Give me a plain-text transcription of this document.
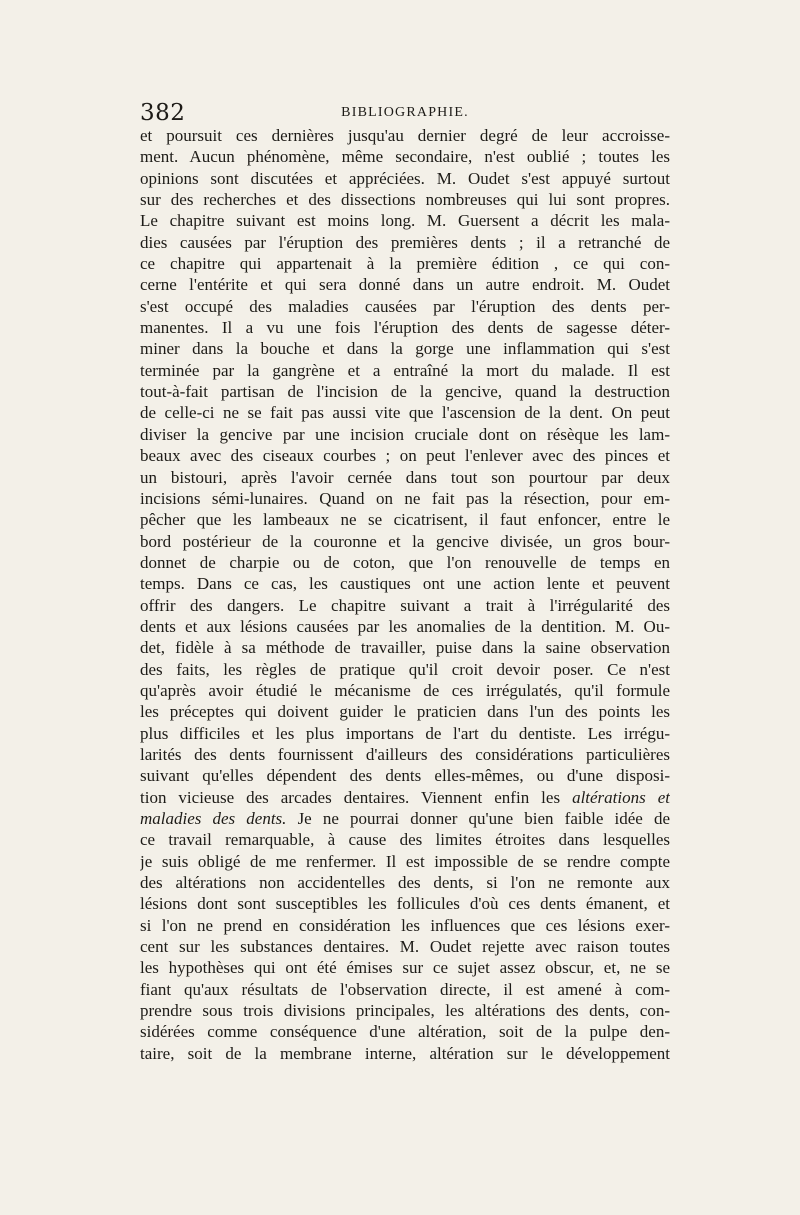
382	BIBLIOGRAPHIE.
et poursuit ces dernières jusqu'au dernier degré de leur accroisse-
ment. Aucun phénomène, même secondaire, n'est oublié ; toutes les
opinions sont discutées et appréciées. M. Oudet s'est appuyé surtout
sur des recherches et des dissections nombreuses qui lui sont propres.
Le chapitre suivant est moins long. M. Guersent a décrit les mala-
dies causées par l'éruption des premières dents ; il a retranché de
ce chapitre qui appartenait à la première édition , ce qui con-
cerne l'entérite et qui sera donné dans un autre endroit. M. Oudet
s'est occupé des maladies causées par l'éruption des dents per-
manentes. Il a vu une fois l'éruption des dents de sagesse déter-
miner dans la bouche et dans la gorge une inflammation qui s'est
terminée par la gangrène et a entraîné la mort du malade. Il est
tout-à-fait partisan de l'incision de la gencive, quand la destruction
de celle-ci ne se fait pas aussi vite que l'ascension de la dent. On peut
diviser la gencive par une incision cruciale dont on résèque les lam-
beaux avec des ciseaux courbes ; on peut l'enlever avec des pinces et
un bistouri, après l'avoir cernée dans tout son pourtour par deux
incisions sémi-lunaires. Quand on ne fait pas la résection, pour em-
pêcher que les lambeaux ne se cicatrisent, il faut enfoncer, entre le
bord postérieur de la couronne et la gencive divisée, un gros bour-
donnet de charpie ou de coton, que l'on renouvelle de temps en
temps. Dans ce cas, les caustiques ont une action lente et peuvent
offrir des dangers. Le chapitre suivant a trait à l'irrégularité des
dents et aux lésions causées par les anomalies de la dentition. M. Ou-
det, fidèle à sa méthode de travailler, puise dans la saine observation
des faits, les règles de pratique qu'il croit devoir poser. Ce n'est
qu'après avoir étudié le mécanisme de ces irrégulatés, qu'il formule
les préceptes qui doivent guider le praticien dans l'un des points les
plus difficiles et les plus importans de l'art du dentiste. Les irrégu-
larités des dents fournissent d'ailleurs des considérations particulières
suivant qu'elles dépendent des dents elles-mêmes, ou d'une disposi-
tion vicieuse des arcades dentaires. Viennent enfin les altérations et
maladies des dents. Je ne pourrai donner qu'une bien faible idée de
ce travail remarquable, à cause des limites étroites dans lesquelles
je suis obligé de me renfermer. Il est impossible de se rendre compte
des altérations non accidentelles des dents, si l'on ne remonte aux
lésions dont sont susceptibles les follicules d'où ces dents émanent, et
si l'on ne prend en considération les influences que ces lésions exer-
cent sur les substances dentaires. M. Oudet rejette avec raison toutes
les hypothèses qui ont été émises sur ce sujet assez obscur, et, ne se
fiant qu'aux résultats de l'observation directe, il est amené à com-
prendre sous trois divisions principales, les altérations des dents, con-
sidérées comme conséquence d'une altération, soit de la pulpe den-
taire, soit de la membrane interne, altération sur le développement
